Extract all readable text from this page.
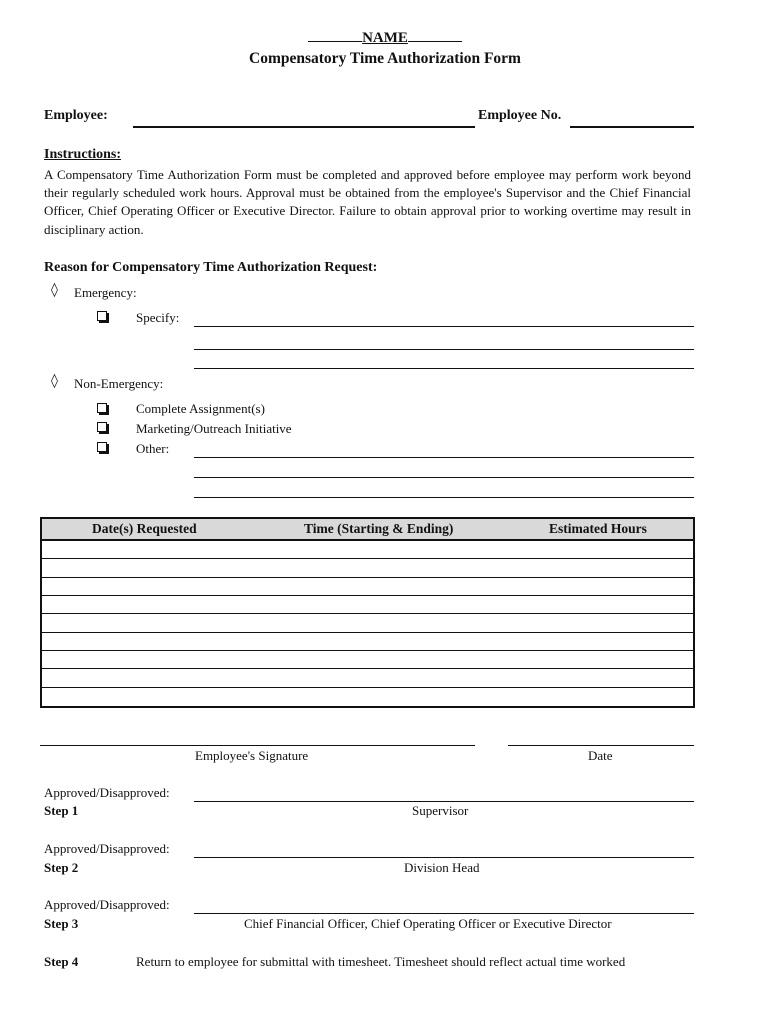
NAME
Compensatory Time Authorization Form
Employee:	Employee No.
Instructions:

A Compensatory Time Authorization Form must be completed and approved before employee may perform work beyond their regularly scheduled work hours. Approval must be obtained from the employee's Supervisor and the Chief Financial Officer, Chief Operating Officer or Executive Director. Failure to obtain approval prior to working overtime may result in disciplinary action.

Reason for Compensatory Time Authorization Request:
◊ Emergency:
Specify:
◊ Non-Emergency:
Complete Assignment(s)
Marketing/Outreach Initiative
Other:
Date(s) Requested	Time (Starting & Ending)	Estimated Hours
Employee's Signature	Date
Approved/Disapproved:
Step 1	Supervisor
Approved/Disapproved:
Step 2	Division Head
Approved/Disapproved:
Step 3	Chief Financial Officer, Chief Operating Officer or Executive Director
Step 4	Return to employee for submittal with timesheet. Timesheet should reflect actual time worked
